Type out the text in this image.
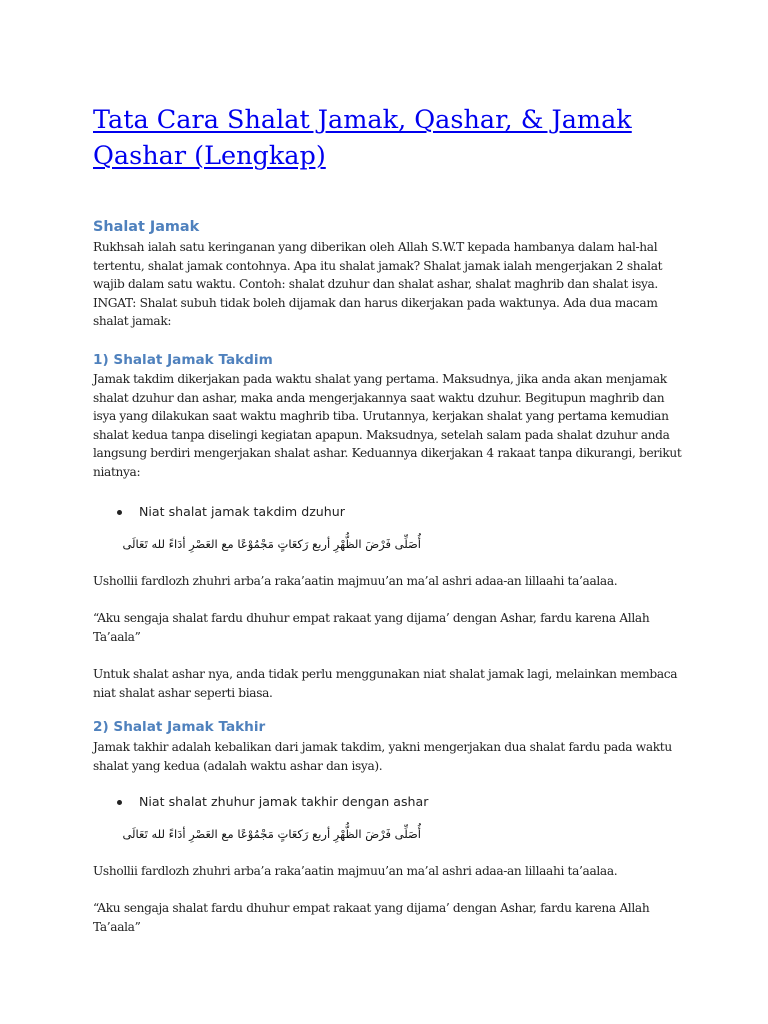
Tata Cara Shalat Jamak, Qashar, & Jamak Qashar (Lengkap)
Shalat Jamak

Rukhsah ialah satu keringanan yang diberikan oleh Allah S.W.T kepada hambanya dalam hal-hal tertentu, shalat jamak contohnya. Apa itu shalat jamak? Shalat jamak ialah mengerjakan 2 shalat wajib dalam satu waktu. Contoh: shalat dzuhur dan shalat ashar, shalat maghrib dan shalat isya. INGAT: Shalat subuh tidak boleh dijamak dan harus dikerjakan pada waktunya. Ada dua macam shalat jamak:

1) Shalat Jamak Takdim

Jamak takdim dikerjakan pada waktu shalat yang pertama. Maksudnya, jika anda akan menjamak shalat dzuhur dan ashar, maka anda mengerjakannya saat waktu dzuhur. Begitupun maghrib dan isya yang dilakukan saat waktu maghrib tiba. Urutannya, kerjakan shalat yang pertama kemudian shalat kedua tanpa diselingi kegiatan apapun. Maksudnya, setelah salam pada shalat dzuhur anda langsung berdiri mengerjakan shalat ashar. Keduannya dikerjakan 4 rakaat tanpa dikurangi, berikut niatnya:

Niat shalat jamak takdim dzuhur

أُصَلِّى فَرْضَ الظُّهْرِ أربع رَكعَاتٍ مَجْمُوْعًا مع العَصْرِ أدَاءً لله تَعَالَى

Ushollii fardlozh zhuhri arba’a raka’aatin majmuu’an ma’al ashri adaa-an lillaahi ta’aalaa.

“Aku sengaja shalat fardu dhuhur empat rakaat yang dijama’ dengan Ashar, fardu karena Allah Ta’aala”

Untuk shalat ashar nya, anda tidak perlu menggunakan niat shalat jamak lagi, melainkan membaca niat shalat ashar seperti biasa.

2) Shalat Jamak Takhir

Jamak takhir adalah kebalikan dari jamak takdim, yakni mengerjakan dua shalat fardu pada waktu shalat yang kedua (adalah waktu ashar dan isya).

Niat shalat zhuhur jamak takhir dengan ashar

أُصَلِّى فَرْضَ الظُّهْرِ أربع رَكعَاتٍ مَجْمُوْعًا مع العَصْرِ أدَاءً لله تَعَالَى

Ushollii fardlozh zhuhri arba’a raka’aatin majmuu’an ma’al ashri adaa-an lillaahi ta’aalaa.

“Aku sengaja shalat fardu dhuhur empat rakaat yang dijama’ dengan Ashar, fardu karena Allah Ta’aala”
